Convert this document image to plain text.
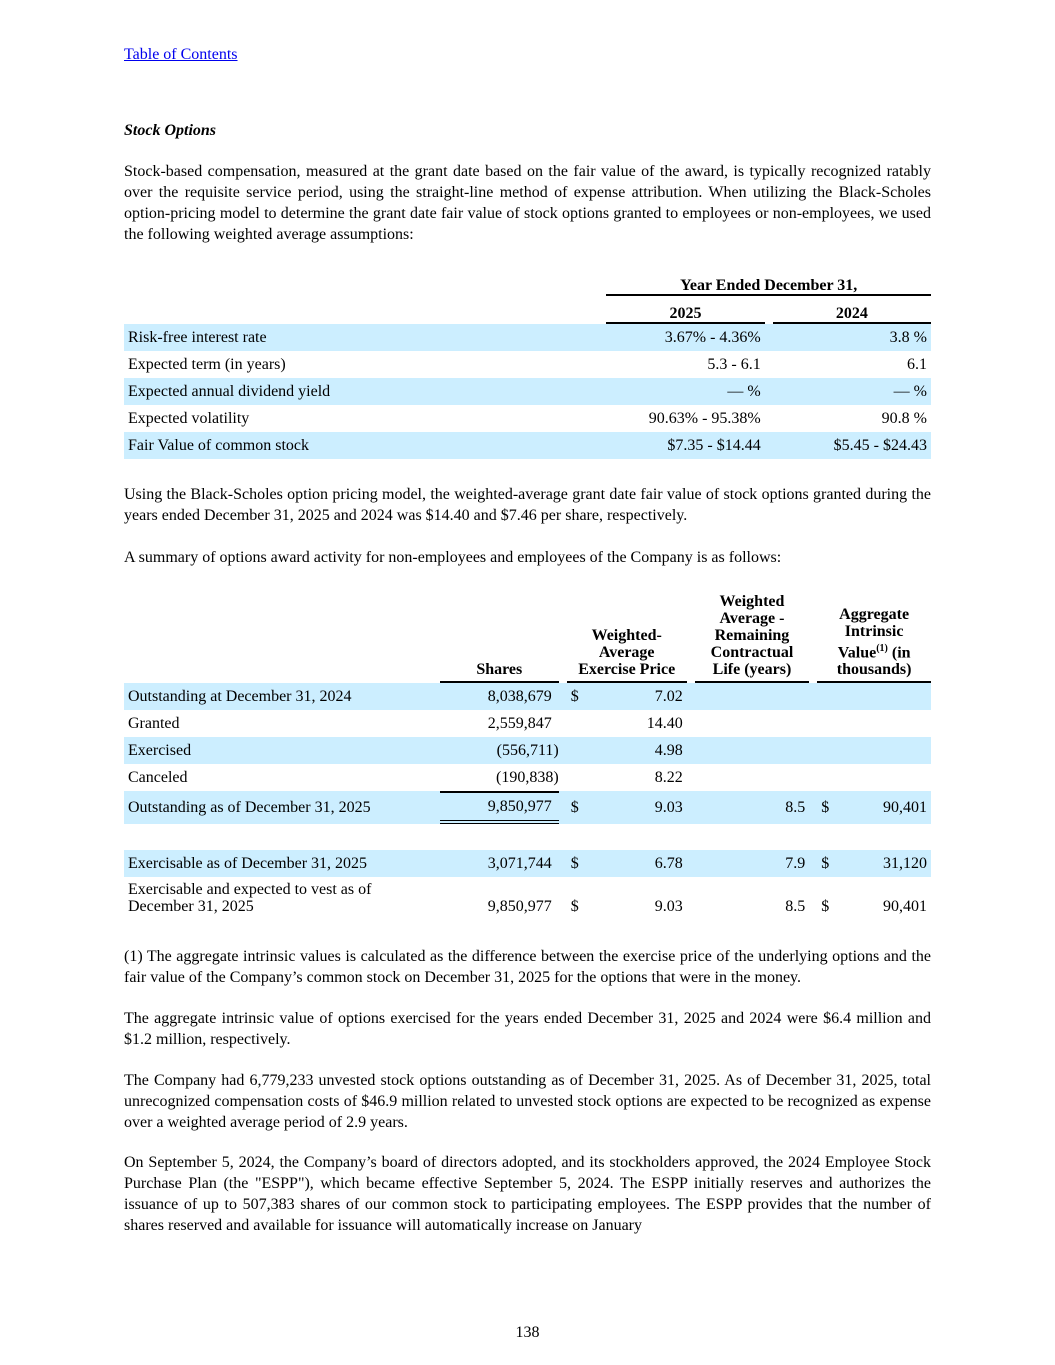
Table of Contents
Stock Options
Stock-based compensation, measured at the grant date based on the fair value of the award, is typically recognized ratably over the requisite service period, using the straight-line method of expense attribution. When utilizing the Black-Scholes option-pricing model to determine the grant date fair value of stock options granted to employees or non-employees, we used the following weighted average assumptions:
		Year Ended December 31,		
		2025		2024
Risk-free interest rate		3.67% - 4.36%		3.8 %
Expected term (in years)		5.3 - 6.1		6.1
Expected annual dividend yield		— %		— %
Expected volatility		90.63% - 95.38%		90.8 %
Fair Value of common stock		$7.35 - $14.44		$5.45 - $24.43
Using the Black-Scholes option pricing model, the weighted-average grant date fair value of stock options granted during the years ended December 31, 2025 and 2024 was $14.40 and $7.46 per share, respectively.
A summary of options award activity for non-employees and employees of the Company is as follows:
	Shares		Weighted-Average Exercise Price			Weighted Average - Remaining Contractual Life (years)		Aggregate Intrinsic Value$^{(1)}$ (in thousands)	
Outstanding at December 31, 2024	8,038,679		$	7.02					
Granted	2,559,847			14.40					
Exercised	(556,711)			4.98					
Canceled	(190,838)			8.22					
Outstanding as of December 31, 2025	9,850,977		$	9.03		8.5		$	90,401

Exercisable as of December 31, 2025	3,071,744		$	6.78		7.9		$	31,120
Exercisable and expected to vest as of December 31, 2025	9,850,977		$	9.03		8.5		$	90,401
(1) The aggregate intrinsic values is calculated as the difference between the exercise price of the underlying options and the fair value of the Company’s common stock on December 31, 2025 for the options that were in the money.
The aggregate intrinsic value of options exercised for the years ended December 31, 2025 and 2024 were $6.4 million and $1.2 million, respectively.
The Company had 6,779,233 unvested stock options outstanding as of December 31, 2025. As of December 31, 2025, total unrecognized compensation costs of $46.9 million related to unvested stock options are expected to be recognized as expense over a weighted average period of 2.9 years.
On September 5, 2024, the Company’s board of directors adopted, and its stockholders approved, the 2024 Employee Stock Purchase Plan (the "ESPP"), which became effective September 5, 2024. The ESPP initially reserves and authorizes the issuance of up to 507,383 shares of our common stock to participating employees. The ESPP provides that the number of shares reserved and available for issuance will automatically increase on January
138
